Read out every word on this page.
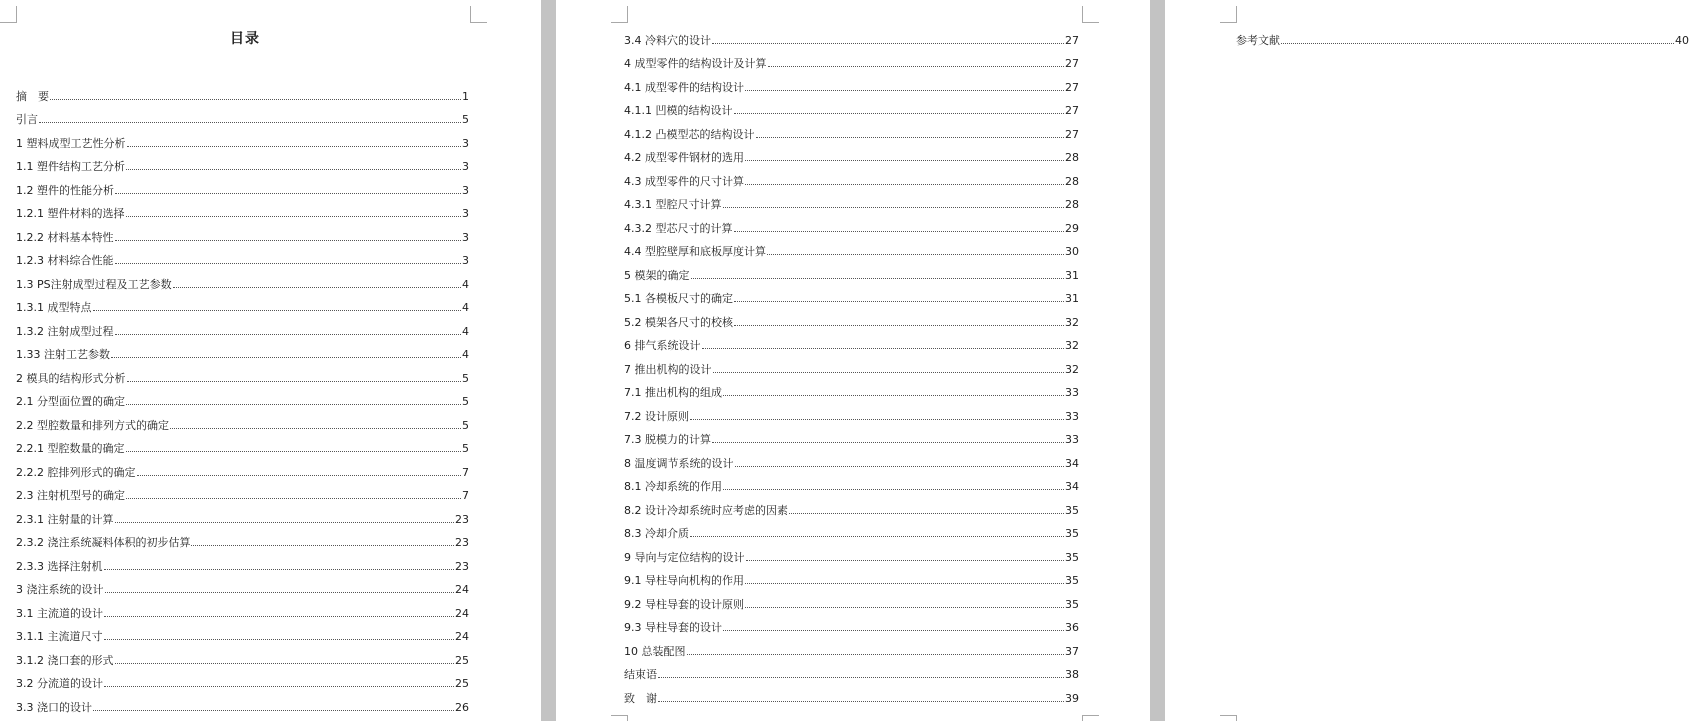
目录
摘　要	1
引言	5
1 塑料成型工艺性分析	3
1.1 塑件结构工艺分析	3
1.2 塑件的性能分析	3
1.2.1 塑件材料的选择	3
1.2.2 材料基本特性	3
1.2.3 材料综合性能	3
1.3 PS注射成型过程及工艺参数	4
1.3.1 成型特点	4
1.3.2 注射成型过程	4
1.33 注射工艺参数	4
2 模具的结构形式分析	5
2.1 分型面位置的确定	5
2.2 型腔数量和排列方式的确定	5
2.2.1 型腔数量的确定	5
2.2.2 腔排列形式的确定	7
2.3 注射机型号的确定	7
2.3.1 注射量的计算	23
2.3.2 浇注系统凝料体积的初步估算	23
2.3.3 选择注射机	23
3 浇注系统的设计	24
3.1 主流道的设计	24
3.1.1 主流道尺寸	24
3.1.2 浇口套的形式	25
3.2 分流道的设计	25
3.3 浇口的设计	26
3.4 冷料穴的设计	27
4 成型零件的结构设计及计算	27
4.1 成型零件的结构设计	27
4.1.1 凹模的结构设计	27
4.1.2 凸模型芯的结构设计	27
4.2 成型零件钢材的选用	28
4.3 成型零件的尺寸计算	28
4.3.1 型腔尺寸计算	28
4.3.2 型芯尺寸的计算	29
4.4 型腔壁厚和底板厚度计算	30
5 模架的确定	31
5.1 各模板尺寸的确定	31
5.2 模架各尺寸的校核	32
6 排气系统设计	32
7 推出机构的设计	32
7.1 推出机构的组成	33
7.2 设计原则	33
7.3 脱模力的计算	33
8 温度调节系统的设计	34
8.1 冷却系统的作用	34
8.2 设计冷却系统时应考虑的因素	35
8.3 冷却介质	35
9 导向与定位结构的设计	35
9.1 导柱导向机构的作用	35
9.2 导柱导套的设计原则	35
9.3 导柱导套的设计	36
10 总装配图	37
结束语	38
致　谢	39
参考文献	40
